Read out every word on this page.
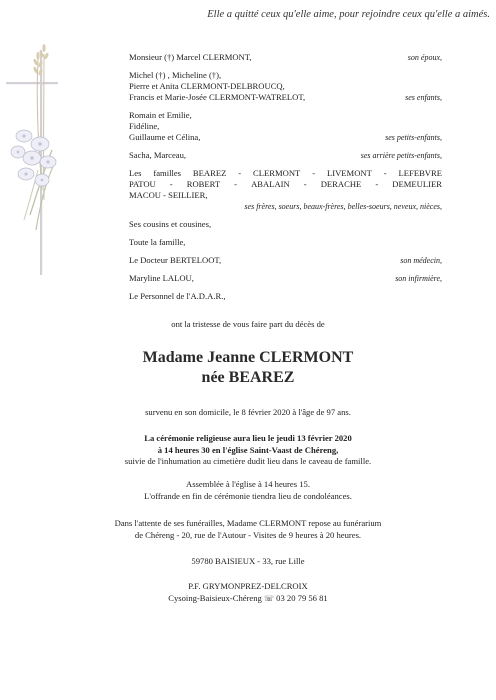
Elle a quitté ceux qu'elle aime, pour rejoindre ceux qu'elle a aimés.
Monsieur (†) Marcel CLERMONT,	son époux,
Michel (†) , Micheline (†),
Pierre et Anita CLERMONT-DELBROUCQ,
Francis et Marie-Josée CLERMONT-WATRELOT,	ses enfants,
Romain et Emilie,
Fidéline,
Guillaume et Célina,	ses petits-enfants,
Sacha, Marceau,	ses arrière petits-enfants,
Les familles BEAREZ - CLERMONT - LIVEMONT - LEFEBVRE
PATOU - ROBERT - ABALAIN - DERACHE - DEMEULIER
MACOU - SEILLIER,
ses frères, soeurs, beaux-frères, belles-soeurs, neveux, nièces,
Ses cousins et cousines,
Toute la famille,
Le Docteur BERTELOOT,	son médecin,
Maryline LALOU,	son infirmière,
Le Personnel de l'A.D.A.R.,
ont la tristesse de vous faire part du décès de
Madame Jeanne CLERMONT
née BEAREZ
survenu en son domicile, le 8 février 2020 à l'âge de 97 ans.
La cérémonie religieuse aura lieu le jeudi 13 février 2020
à 14 heures 30 en l'église Saint-Vaast de Chéreng,
suivie de l'inhumation au cimetière dudit lieu dans le caveau de famille.
Assemblée à l'église à 14 heures 15.
L'offrande en fin de cérémonie tiendra lieu de condoléances.
Dans l'attente de ses funérailles, Madame CLERMONT repose au funérarium
de Chéreng - 20, rue de l'Autour - Visites de 9 heures à 20 heures.
59780 BAISIEUX - 33, rue Lille
P.F. GRYMONPREZ-DELCROIX
Cysoing-Baisieux-Chéreng ☏ 03 20 79 56 81
